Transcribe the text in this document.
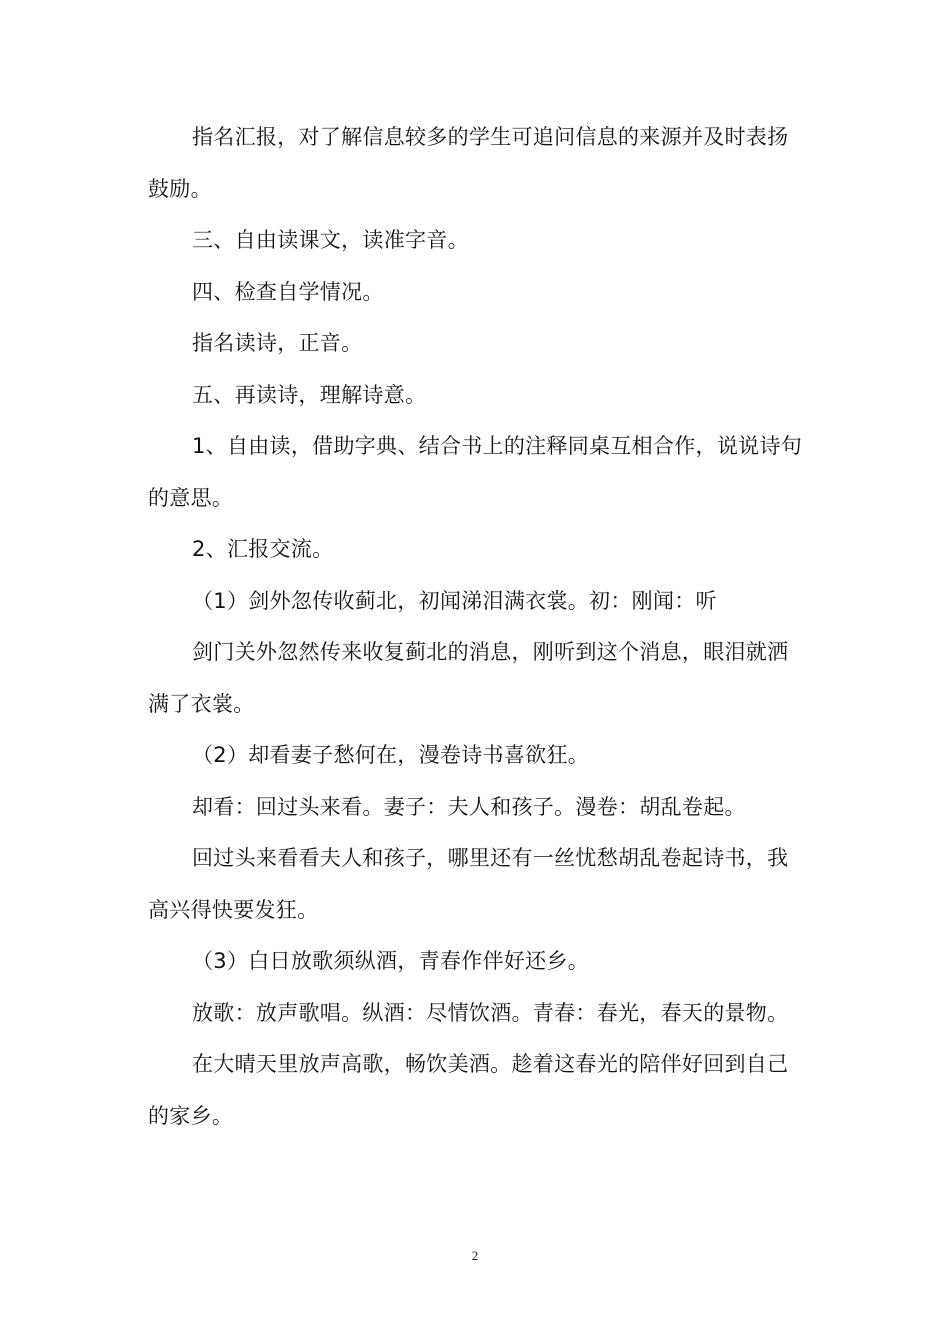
指名汇报，对了解信息较多的学生可追问信息的来源并及时表扬鼓励。

三、自由读课文，读准字音。

四、检查自学情况。

指名读诗，正音。

五、再读诗，理解诗意。

1、自由读，借助字典、结合书上的注释同桌互相合作，说说诗句的意思。

2、汇报交流。

（1）剑外忽传收蓟北，初闻涕泪满衣裳。初：刚闻：听

剑门关外忽然传来收复蓟北的消息，刚听到这个消息，眼泪就洒满了衣裳。

（2）却看妻子愁何在，漫卷诗书喜欲狂。

却看：回过头来看。妻子：夫人和孩子。漫卷：胡乱卷起。

回过头来看看夫人和孩子，哪里还有一丝忧愁胡乱卷起诗书，我高兴得快要发狂。

（3）白日放歌须纵酒，青春作伴好还乡。

放歌：放声歌唱。纵酒：尽情饮酒。青春：春光，春天的景物。

在大晴天里放声高歌，畅饮美酒。趁着这春光的陪伴好回到自己的家乡。

2
